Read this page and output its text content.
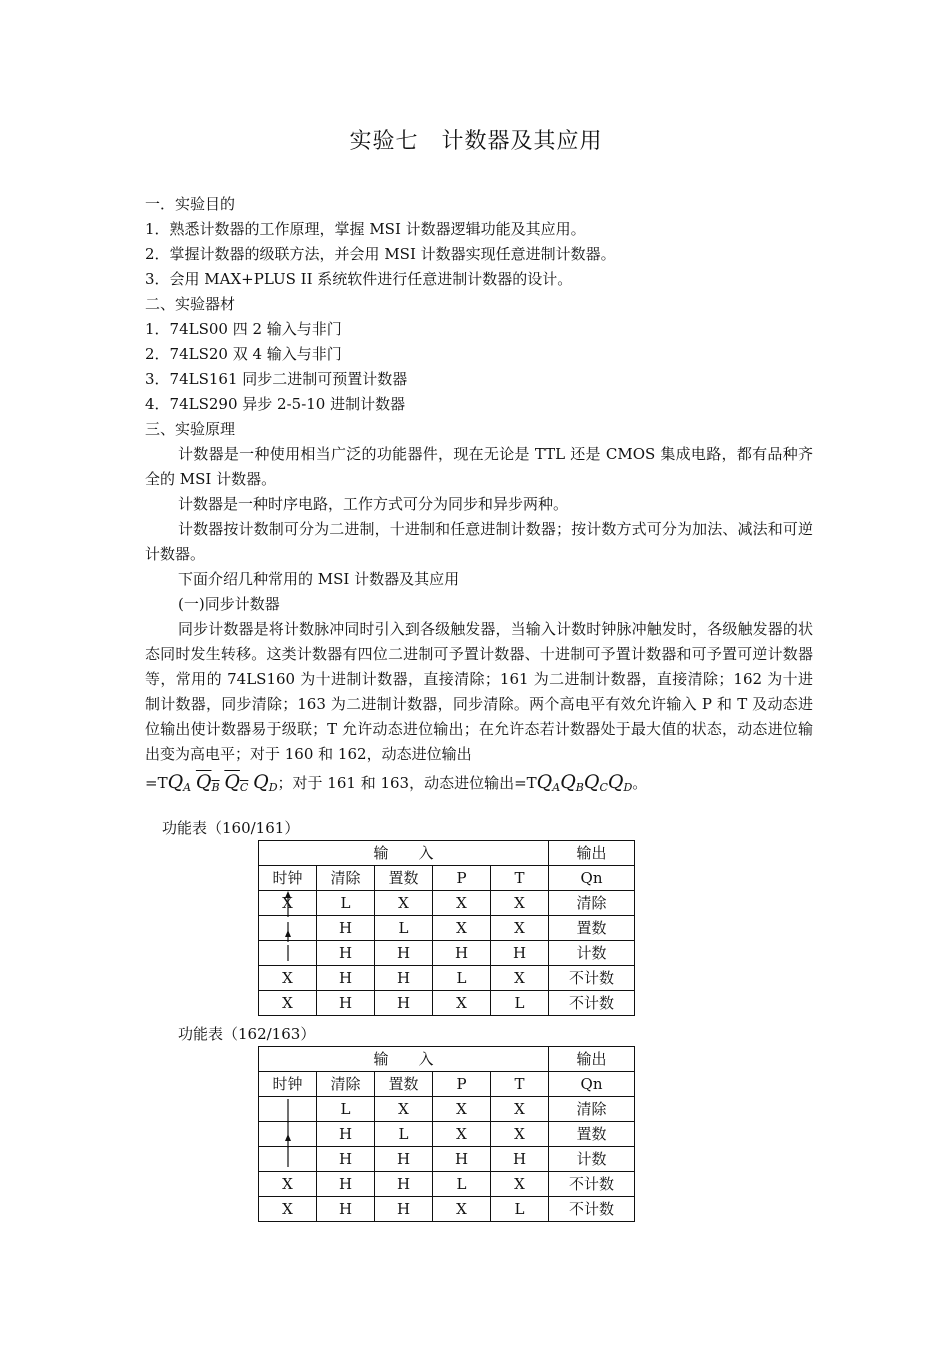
实验七　计数器及其应用

一．实验目的

1．熟悉计数器的工作原理，掌握 MSI 计数器逻辑功能及其应用。

2．掌握计数器的级联方法，并会用 MSI 计数器实现任意进制计数器。

3．会用 MAX+PLUS II 系统软件进行任意进制计数器的设计。

二、实验器材

1．74LS00 四 2 输入与非门

2．74LS20 双 4 输入与非门

3．74LS161 同步二进制可预置计数器

4．74LS290 异步 2-5-10 进制计数器

三、实验原理

计数器是一种使用相当广泛的功能器件，现在无论是 TTL 还是 CMOS 集成电路，都有品种齐全的 MSI 计数器。

计数器是一种时序电路，工作方式可分为同步和异步两种。

计数器按计数制可分为二进制，十进制和任意进制计数器；按计数方式可分为加法、减法和可逆计数器。

下面介绍几种常用的 MSI 计数器及其应用

(一)同步计数器

同步计数器是将计数脉冲同时引入到各级触发器，当输入计数时钟脉冲触发时，各级触发器的状态同时发生转移。这类计数器有四位二进制可予置计数器、十进制可予置计数器和可予置可逆计数器等，常用的 74LS160 为十进制计数器，直接清除；161 为二进制计数器，直接清除；162 为十进制计数器，同步清除；163 为二进制计数器，同步清除。两个高电平有效允许输入 P 和 T 及动态进位输出使计数器易于级联；T 允许动态进位输出；在允许态若计数器处于最大值的状态，动态进位输出变为高电平；对于 160 和 162，动态进位输出

$=TQ_A$ $Q_B$ $Q_C$ $Q_D$；对于 161 和 163，动态进位输出$=TQ_AQ_BQ_CQ_D$。

功能表（160/161）
输　　入					输出
时钟	清除	置数	P	T	Qn

X	L	X	X	X	清除

	H	L	X	X	置数

	H	H	H	H	计数
X	H	H	L	X	不计数
X	H	H	X	L	不计数
功能表（162/163）
输　　入					输出
时钟	清除	置数	P	T	Qn

	L	X	X	X	清除

	H	L	X	X	置数

	H	H	H	H	计数
X	H	H	L	X	不计数
X	H	H	X	L	不计数
